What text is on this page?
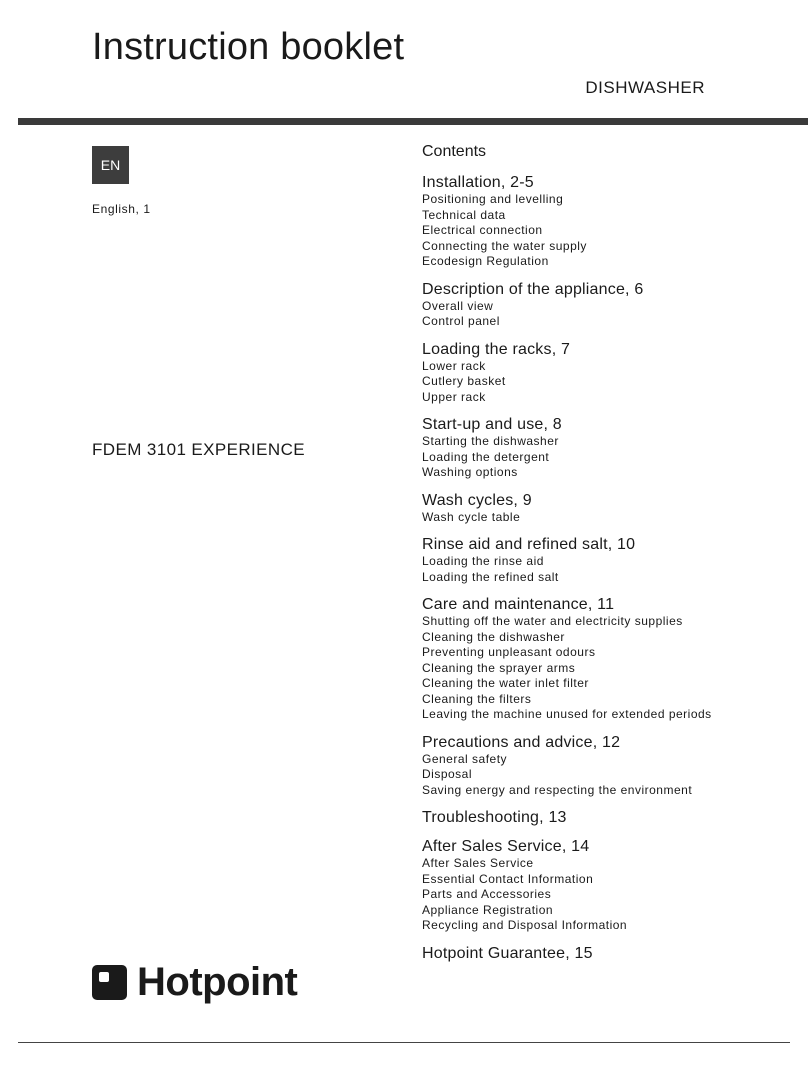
Instruction booklet
DISHWASHER
EN
English, 1
FDEM 3101 EXPERIENCE
Hotpoint
Contents
Installation, 2-5
Positioning and levelling
Technical data
Electrical connection
Connecting the water supply
Ecodesign Regulation
Description of the appliance, 6
Overall view
Control panel
Loading the racks, 7
Lower rack
Cutlery basket
Upper rack
Start-up and use, 8
Starting the dishwasher
Loading the detergent
Washing options
Wash cycles, 9
Wash cycle table
Rinse aid and refined salt, 10
Loading the rinse aid
Loading the refined salt
Care and maintenance, 11
Shutting off the water and electricity supplies
Cleaning the dishwasher
Preventing unpleasant odours
Cleaning the sprayer arms
Cleaning the water inlet filter
Cleaning the filters
Leaving the machine unused for extended periods
Precautions and advice, 12
General safety
Disposal
Saving energy and respecting the environment
Troubleshooting, 13
After Sales Service, 14
After Sales Service
Essential Contact Information
Parts and Accessories
Appliance Registration
Recycling and Disposal Information
Hotpoint Guarantee, 15
